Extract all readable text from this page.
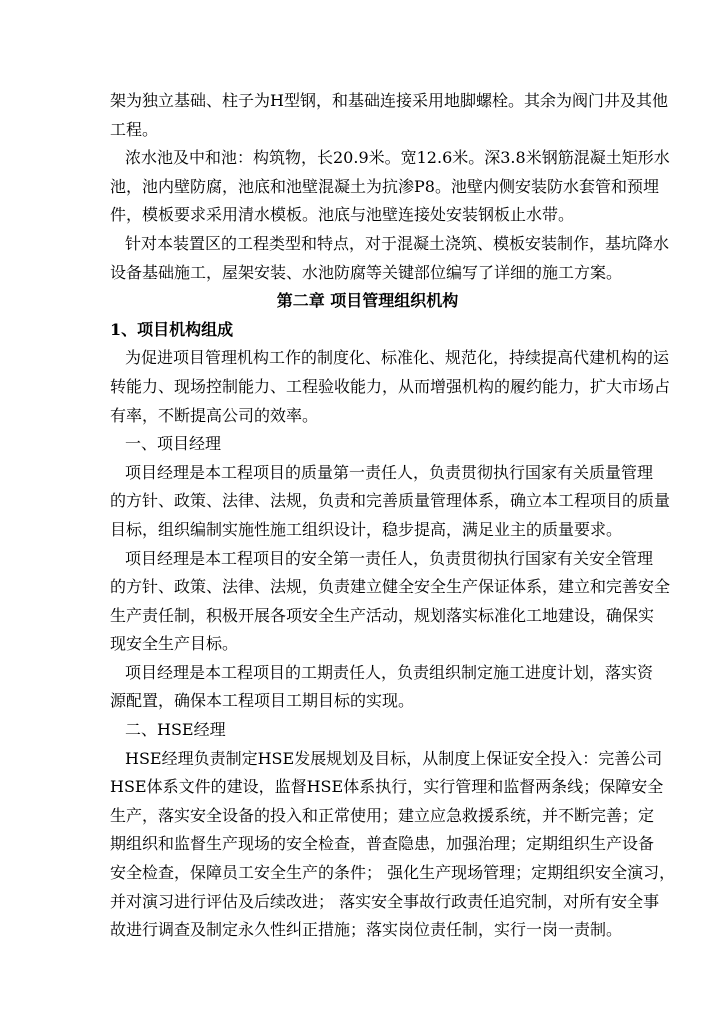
架为独立基础、柱子为H型钢，和基础连接采用地脚螺栓。其余为阀门井及其他
工程。
浓水池及中和池：构筑物，长20.9米。宽12.6米。深3.8米钢筋混凝土矩形水
池，池内壁防腐，池底和池壁混凝土为抗渗P8。池壁内侧安装防水套管和预埋
件，模板要求采用清水模板。池底与池壁连接处安装钢板止水带。
针对本装置区的工程类型和特点，对于混凝土浇筑、模板安装制作，基坑降水
设备基础施工，屋架安装、水池防腐等关键部位编写了详细的施工方案。
第二章 项目管理组织机构
1、项目机构组成
为促进项目管理机构工作的制度化、标准化、规范化，持续提高代建机构的运
转能力、现场控制能力、工程验收能力，从而增强机构的履约能力，扩大市场占
有率，不断提高公司的效率。
一、项目经理
项目经理是本工程项目的质量第一责任人，负责贯彻执行国家有关质量管理
的方针、政策、法律、法规，负责和完善质量管理体系，确立本工程项目的质量
目标，组织编制实施性施工组织设计，稳步提高，满足业主的质量要求。
项目经理是本工程项目的安全第一责任人，负责贯彻执行国家有关安全管理
的方针、政策、法律、法规，负责建立健全安全生产保证体系，建立和完善安全
生产责任制，积极开展各项安全生产活动，规划落实标准化工地建设，确保实
现安全生产目标。
项目经理是本工程项目的工期责任人，负责组织制定施工进度计划，落实资
源配置，确保本工程项目工期目标的实现。
二、HSE经理
HSE经理负责制定HSE发展规划及目标，从制度上保证安全投入：完善公司
HSE体系文件的建设，监督HSE体系执行，实行管理和监督两条线；保障安全
生产，落实安全设备的投入和正常使用；建立应急救援系统，并不断完善；定
期组织和监督生产现场的安全检查，普查隐患，加强治理；定期组织生产设备
安全检查，保障员工安全生产的条件； 强化生产现场管理；定期组织安全演习，
并对演习进行评估及后续改进； 落实安全事故行政责任追究制，对所有安全事
故进行调查及制定永久性纠正措施；落实岗位责任制，实行一岗一责制。
